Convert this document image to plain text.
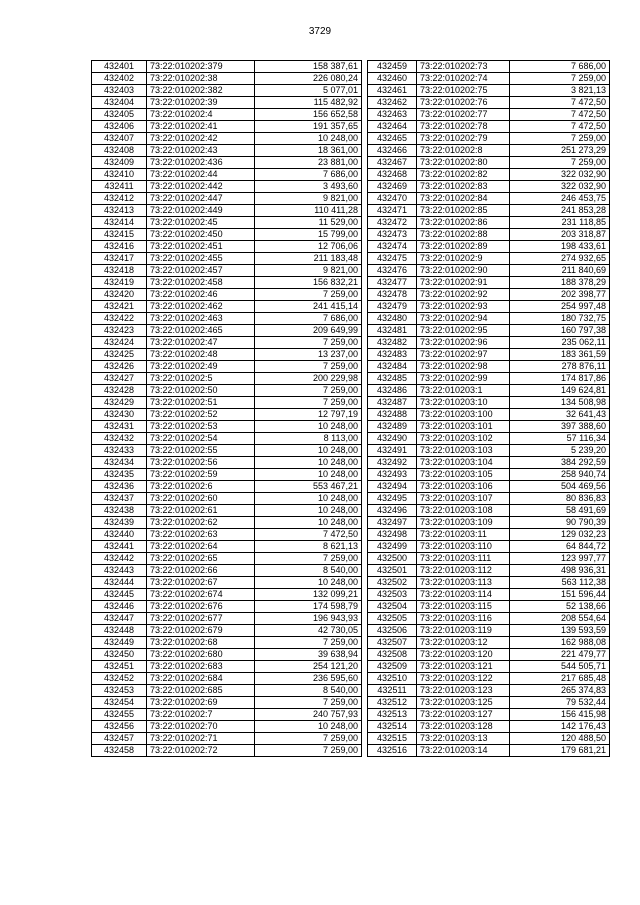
3729
432401	73:22:010202:379	158 387,61
432402	73:22:010202:38	226 080,24
432403	73:22:010202:382	5 077,01
432404	73:22:010202:39	115 482,92
432405	73:22:010202:4	156 652,58
432406	73:22:010202:41	191 357,65
432407	73:22:010202:42	10 248,00
432408	73:22:010202:43	18 361,00
432409	73:22:010202:436	23 881,00
432410	73:22:010202:44	7 686,00
432411	73:22:010202:442	3 493,60
432412	73:22:010202:447	9 821,00
432413	73:22:010202:449	110 411,28
432414	73:22:010202:45	11 529,00
432415	73:22:010202:450	15 799,00
432416	73:22:010202:451	12 706,06
432417	73:22:010202:455	211 183,48
432418	73:22:010202:457	9 821,00
432419	73:22:010202:458	156 832,21
432420	73:22:010202:46	7 259,00
432421	73:22:010202:462	241 415,14
432422	73:22:010202:463	7 686,00
432423	73:22:010202:465	209 649,99
432424	73:22:010202:47	7 259,00
432425	73:22:010202:48	13 237,00
432426	73:22:010202:49	7 259,00
432427	73:22:010202:5	200 229,98
432428	73:22:010202:50	7 259,00
432429	73:22:010202:51	7 259,00
432430	73:22:010202:52	12 797,19
432431	73:22:010202:53	10 248,00
432432	73:22:010202:54	8 113,00
432433	73:22:010202:55	10 248,00
432434	73:22:010202:56	10 248,00
432435	73:22:010202:59	10 248,00
432436	73:22:010202:6	553 467,21
432437	73:22:010202:60	10 248,00
432438	73:22:010202:61	10 248,00
432439	73:22:010202:62	10 248,00
432440	73:22:010202:63	7 472,50
432441	73:22:010202:64	8 621,13
432442	73:22:010202:65	7 259,00
432443	73:22:010202:66	8 540,00
432444	73:22:010202:67	10 248,00
432445	73:22:010202:674	132 099,21
432446	73:22:010202:676	174 598,79
432447	73:22:010202:677	196 943,93
432448	73:22:010202:679	42 730,05
432449	73:22:010202:68	7 259,00
432450	73:22:010202:680	39 638,94
432451	73:22:010202:683	254 121,20
432452	73:22:010202:684	236 595,60
432453	73:22:010202:685	8 540,00
432454	73:22:010202:69	7 259,00
432455	73:22:010202:7	240 757,93
432456	73:22:010202:70	10 248,00
432457	73:22:010202:71	7 259,00
432458	73:22:010202:72	7 259,00
432459	73:22:010202:73	7 686,00
432460	73:22:010202:74	7 259,00
432461	73:22:010202:75	3 821,13
432462	73:22:010202:76	7 472,50
432463	73:22:010202:77	7 472,50
432464	73:22:010202:78	7 472,50
432465	73:22:010202:79	7 259,00
432466	73:22:010202:8	251 273,29
432467	73:22:010202:80	7 259,00
432468	73:22:010202:82	322 032,90
432469	73:22:010202:83	322 032,90
432470	73:22:010202:84	246 453,75
432471	73:22:010202:85	241 853,28
432472	73:22:010202:86	231 118,85
432473	73:22:010202:88	203 318,87
432474	73:22:010202:89	198 433,61
432475	73:22:010202:9	274 932,65
432476	73:22:010202:90	211 840,69
432477	73:22:010202:91	188 378,29
432478	73:22:010202:92	202 398,77
432479	73:22:010202:93	254 997,48
432480	73:22:010202:94	180 732,75
432481	73:22:010202:95	160 797,38
432482	73:22:010202:96	235 062,11
432483	73:22:010202:97	183 361,59
432484	73:22:010202:98	278 876,11
432485	73:22:010202:99	174 817,86
432486	73:22:010203:1	149 624,81
432487	73:22:010203:10	134 508,98
432488	73:22:010203:100	32 641,43
432489	73:22:010203:101	397 388,60
432490	73:22:010203:102	57 116,34
432491	73:22:010203:103	5 239,20
432492	73:22:010203:104	384 292,59
432493	73:22:010203:105	258 940,74
432494	73:22:010203:106	504 469,56
432495	73:22:010203:107	80 836,83
432496	73:22:010203:108	58 491,69
432497	73:22:010203:109	90 790,39
432498	73:22:010203:11	129 032,23
432499	73:22:010203:110	64 844,72
432500	73:22:010203:111	123 997,77
432501	73:22:010203:112	498 936,31
432502	73:22:010203:113	563 112,38
432503	73:22:010203:114	151 596,44
432504	73:22:010203:115	52 138,66
432505	73:22:010203:116	208 554,64
432506	73:22:010203:119	139 593,59
432507	73:22:010203:12	162 988,08
432508	73:22:010203:120	221 479,77
432509	73:22:010203:121	544 505,71
432510	73:22:010203:122	217 685,48
432511	73:22:010203:123	265 374,83
432512	73:22:010203:125	79 532,44
432513	73:22:010203:127	156 415,98
432514	73:22:010203:128	142 176,43
432515	73:22:010203:13	120 488,50
432516	73:22:010203:14	179 681,21
